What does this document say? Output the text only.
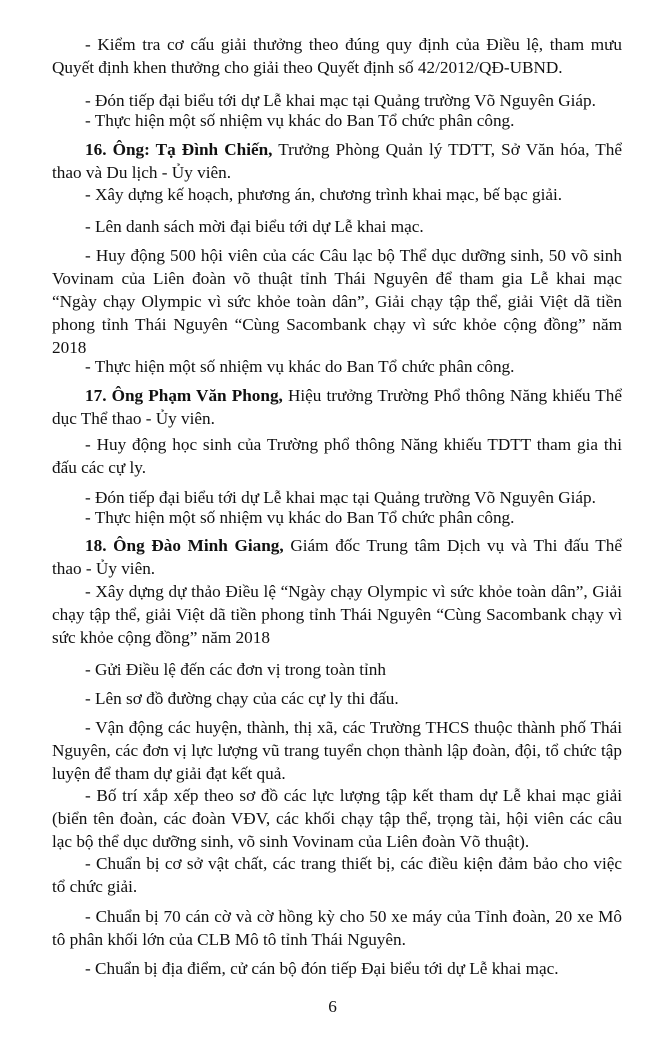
- Kiểm tra cơ cấu giải thưởng theo đúng quy định của Điều lệ, tham mưu Quyết định khen thưởng cho giải theo Quyết định số 42/2012/QĐ-UBND.

- Đón tiếp đại biểu tới dự Lễ khai mạc tại Quảng trường Võ Nguyên Giáp.

- Thực hiện một số nhiệm vụ khác do Ban Tổ chức phân công.

16. Ông: Tạ Đình Chiến, Trưởng Phòng Quản lý TDTT, Sở Văn hóa, Thể thao và Du lịch - Ủy viên.

- Xây dựng kế hoạch, phương án, chương trình khai mạc, bế bạc giải.

- Lên danh sách mời đại biểu tới dự Lễ khai mạc.

- Huy động 500 hội viên của các Câu lạc bộ Thể dục dưỡng sinh, 50 võ sinh Vovinam của Liên đoàn võ thuật tỉnh Thái Nguyên để tham gia Lễ khai mạc “Ngày chạy Olympic vì sức khỏe toàn dân”, Giải chạy tập thể, giải Việt dã tiền phong tỉnh Thái Nguyên “Cùng Sacombank chạy vì sức khỏe cộng đồng” năm 2018

- Thực hiện một số nhiệm vụ khác do Ban Tổ chức phân công.

17. Ông Phạm Văn Phong, Hiệu trưởng Trường Phổ thông Năng khiếu Thể dục Thể thao - Ủy viên.

- Huy động học sinh của Trường phổ thông Năng khiếu TDTT tham gia thi đấu các cự ly.

- Đón tiếp đại biểu tới dự Lễ khai mạc tại Quảng trường Võ Nguyên Giáp.

- Thực hiện một số nhiệm vụ khác do Ban Tổ chức phân công.

18. Ông Đào Minh Giang, Giám đốc Trung tâm Dịch vụ và Thi đấu Thể thao - Ủy viên.

- Xây dựng dự thảo Điều lệ “Ngày chạy Olympic vì sức khỏe toàn dân”, Giải chạy tập thể, giải Việt dã tiền phong tỉnh Thái Nguyên “Cùng Sacombank chạy vì sức khỏe cộng đồng” năm 2018

- Gửi Điều lệ đến các đơn vị trong toàn tỉnh

- Lên sơ đồ đường chạy của các cự ly thi đấu.

- Vận động các huyện, thành, thị xã, các Trường THCS thuộc thành phố Thái Nguyên, các đơn vị lực lượng vũ trang tuyển chọn thành lập đoàn, đội, tổ chức tập luyện để tham dự giải đạt kết quả.

- Bố trí xắp xếp theo sơ đồ các lực lượng tập kết tham dự Lễ khai mạc giải (biển tên đoàn, các đoàn VĐV, các khối chạy tập thể, trọng tài, hội viên các câu lạc bộ thể dục dưỡng sinh, võ sinh Vovinam của Liên đoàn Võ thuật).

- Chuẩn bị cơ sở vật chất, các trang thiết bị, các điều kiện đảm bảo cho việc tổ chức giải.

- Chuẩn bị 70 cán cờ và cờ hồng kỳ cho 50 xe máy của Tỉnh đoàn, 20 xe Mô tô phân khối lớn của CLB Mô tô tỉnh Thái Nguyên.

- Chuẩn bị địa điểm, cử cán bộ đón tiếp Đại biểu tới dự Lễ khai mạc.

6
